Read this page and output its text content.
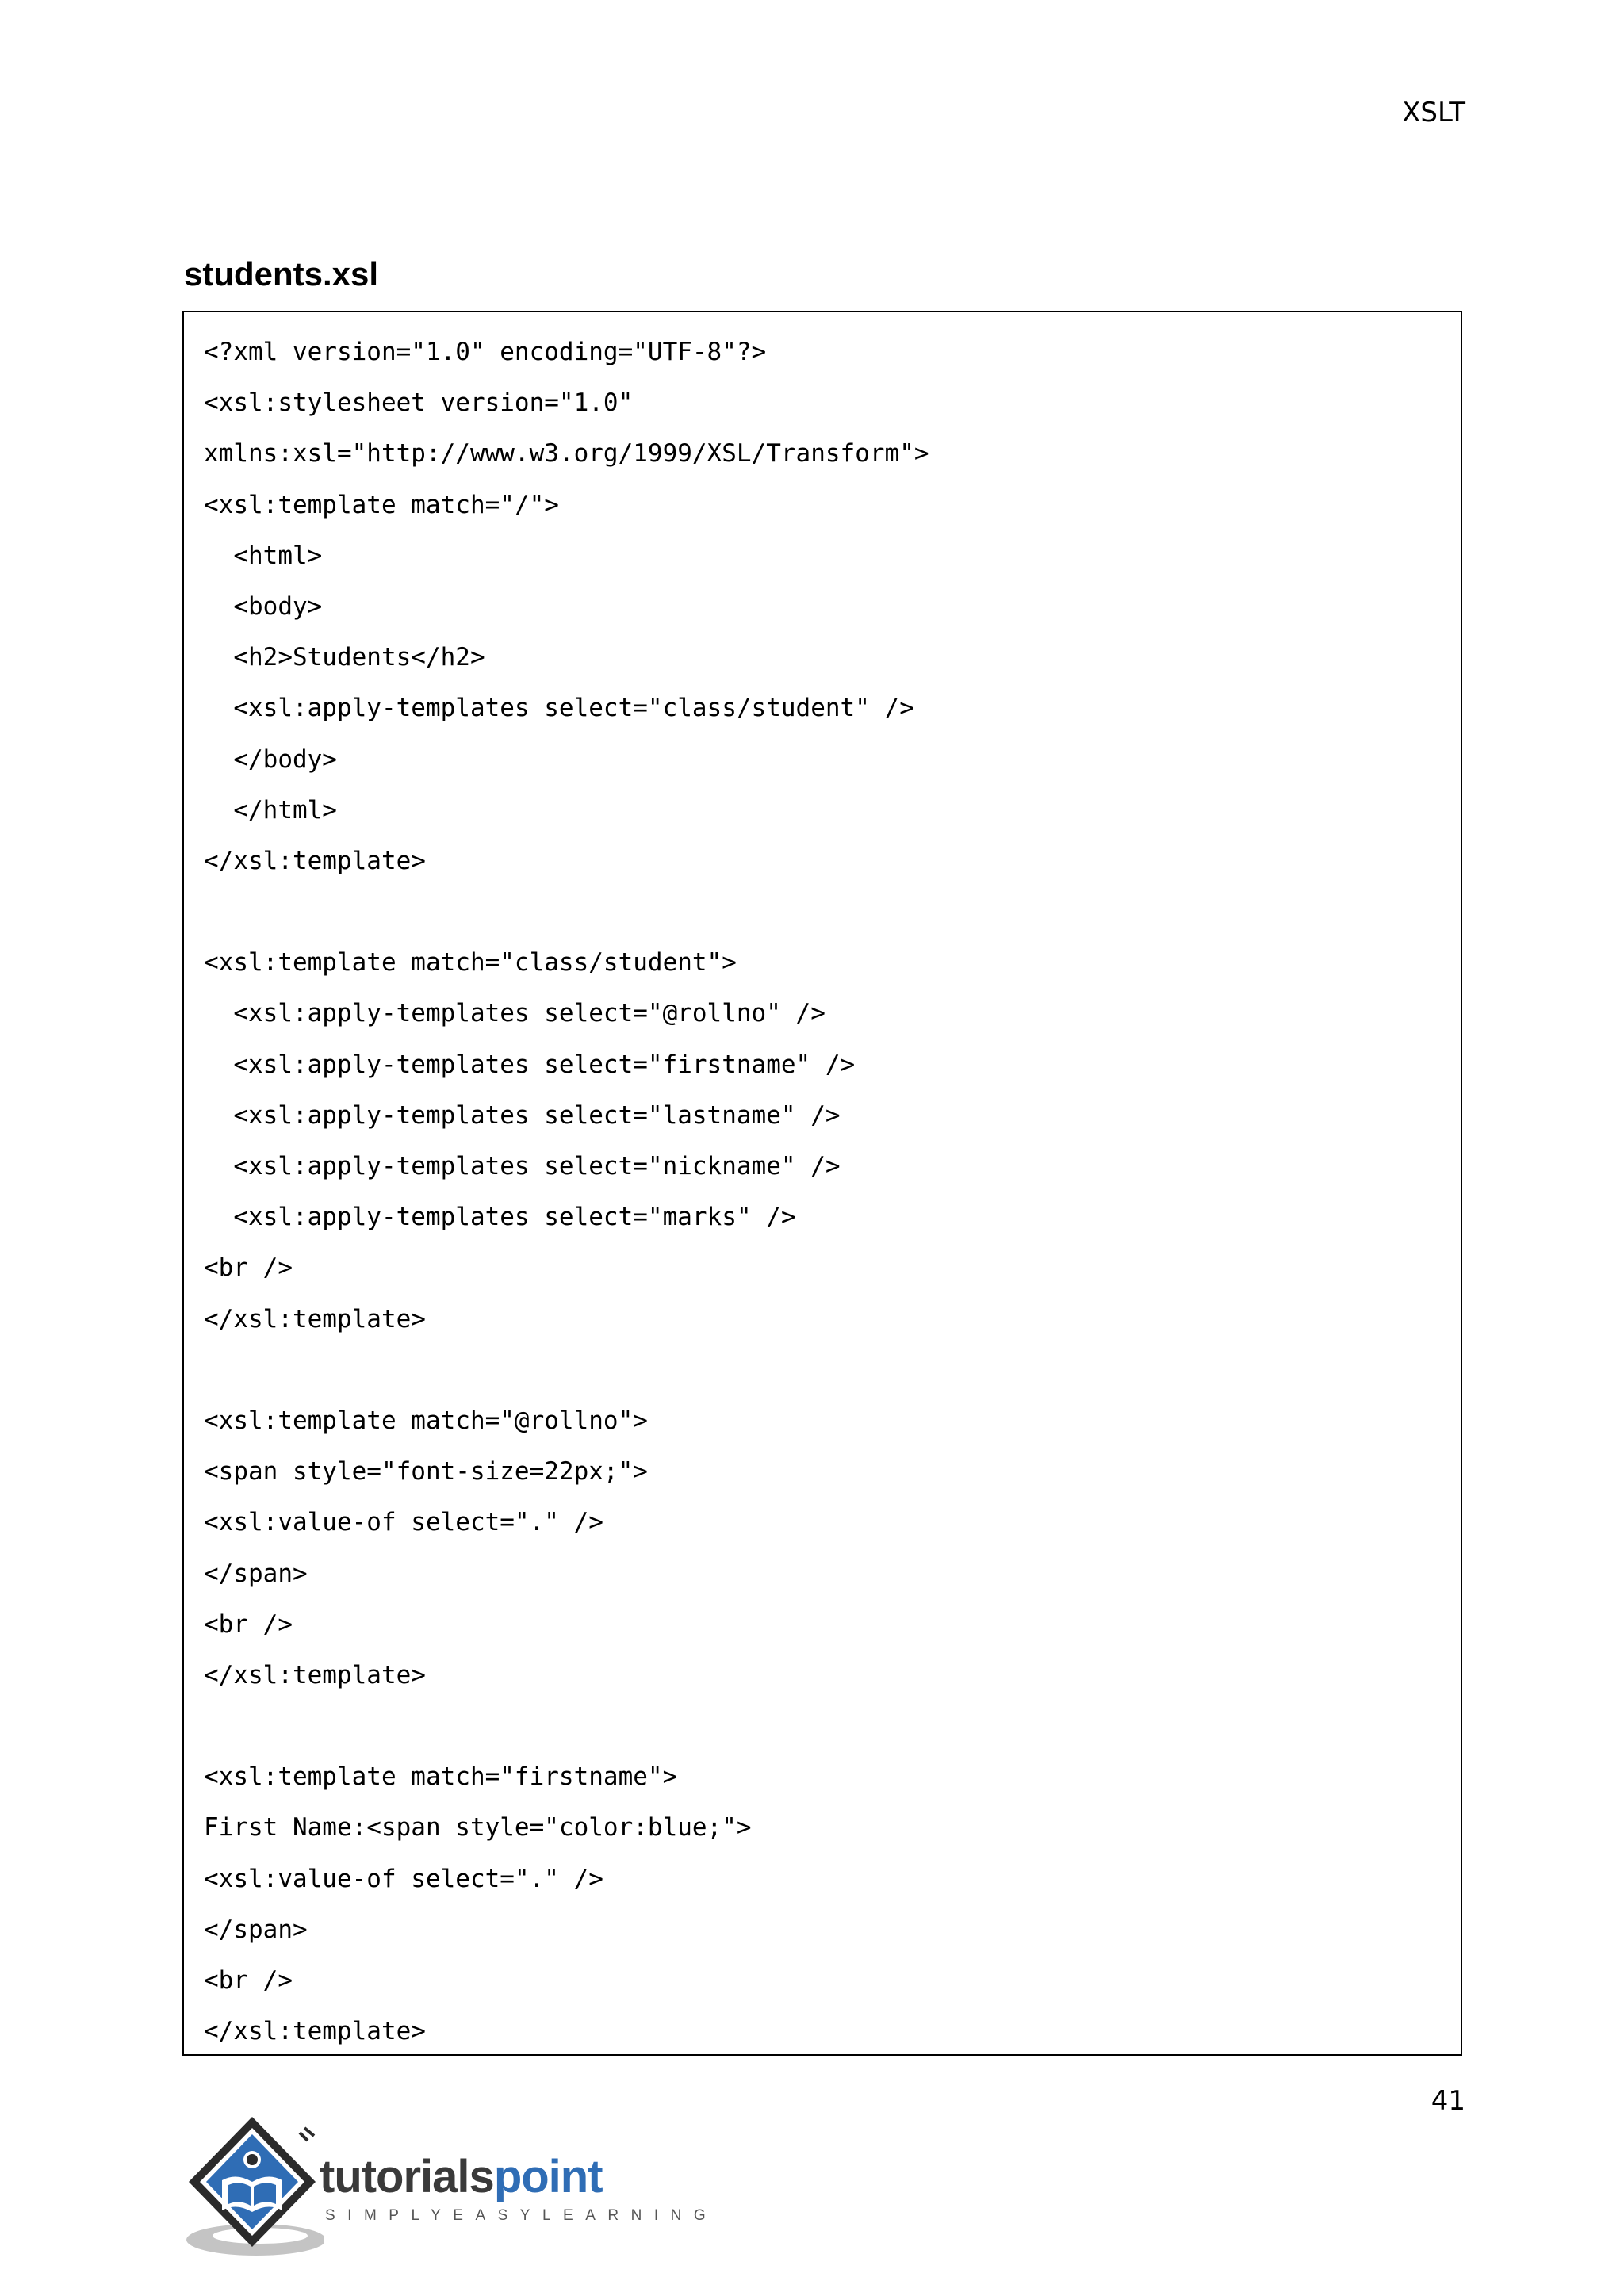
XSLT
students.xsl
<?xml version="1.0" encoding="UTF-8"?>
<xsl:stylesheet version="1.0"
xmlns:xsl="http://www.w3.org/1999/XSL/Transform">
<xsl:template match="/">
<html>
<body>
<h2>Students</h2>
<xsl:apply-templates select="class/student" />
</body>
</html>
</xsl:template>
<xsl:template match="class/student">
<xsl:apply-templates select="@rollno" />
<xsl:apply-templates select="firstname" />
<xsl:apply-templates select="lastname" />
<xsl:apply-templates select="nickname" />
<xsl:apply-templates select="marks" />
<br />
</xsl:template>
<xsl:template match="@rollno">
<span style="font-size=22px;">
<xsl:value-of select="." />
</span>
<br />
</xsl:template>
<xsl:template match="firstname">
First Name:<span style="color:blue;">
<xsl:value-of select="." />
</span>
<br />
</xsl:template>
41
tutorialspoint
SIMPLYEASYLEARNING
